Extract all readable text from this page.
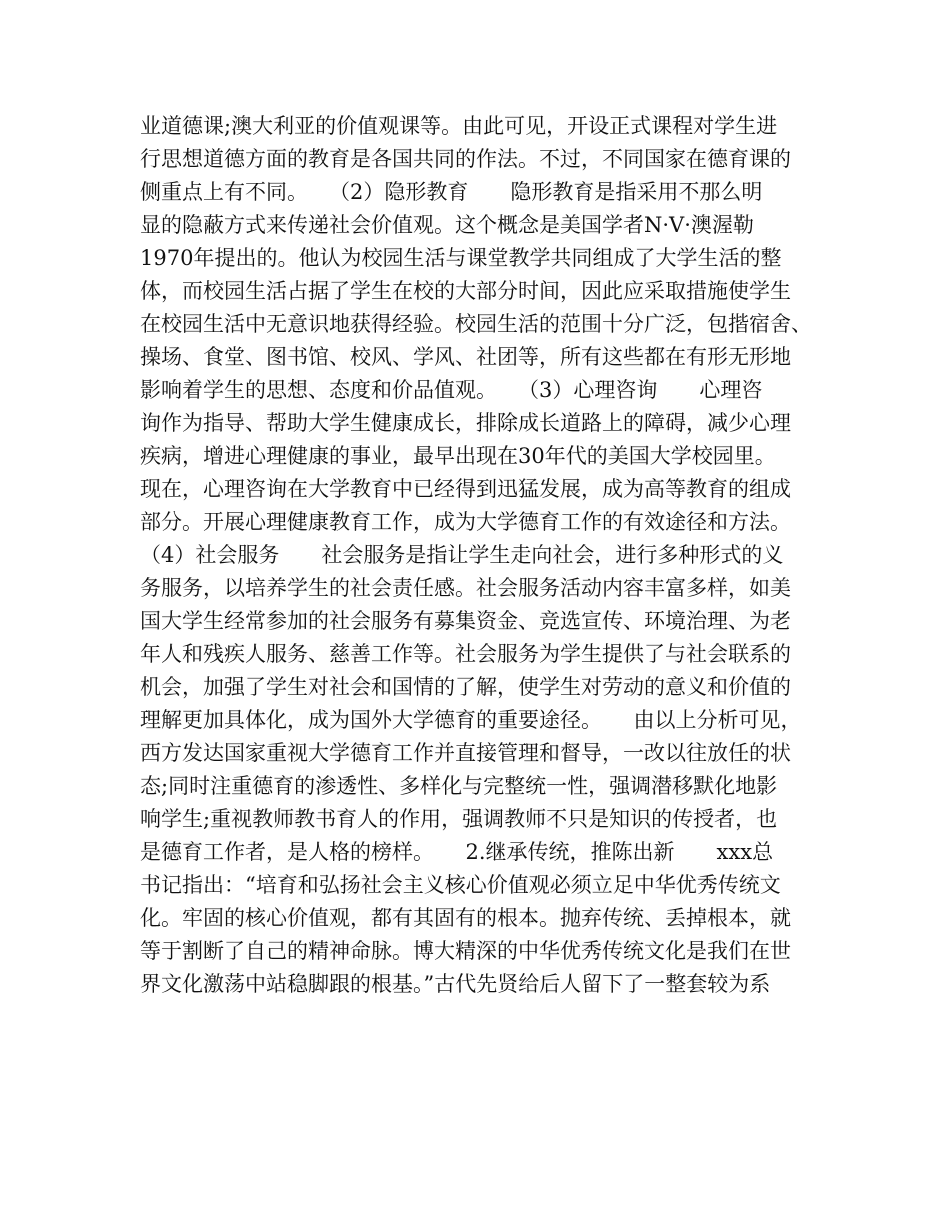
业道德课;澳大利亚的价值观课等。由此可见，开设正式课程对学生进
行思想道德方面的教育是各国共同的作法。不过，不同国家在德育课的
侧重点上有不同。　　（2）隐形教育　　隐形教育是指采用不那么明
显的隐蔽方式来传递社会价值观。这个概念是美国学者N·V·澳渥勒
1970年提出的。他认为校园生活与课堂教学共同组成了大学生活的整
体，而校园生活占据了学生在校的大部分时间，因此应采取措施使学生
在校园生活中无意识地获得经验。校园生活的范围十分广泛，包揩宿舍、
操场、食堂、图书馆、校风、学风、社团等，所有这些都在有形无形地
影响着学生的思想、态度和价品值观。　　（3）心理咨询　　心理咨
询作为指导、帮助大学生健康成长，排除成长道路上的障碍，减少心理
疾病，增进心理健康的事业，最早出现在30年代的美国大学校园里。
现在，心理咨询在大学教育中已经得到迅猛发展，成为高等教育的组成
部分。开展心理健康教育工作，成为大学德育工作的有效途径和方法。
（4）社会服务　　社会服务是指让学生走向社会，进行多种形式的义
务服务，以培养学生的社会责任感。社会服务活动内容丰富多样，如美
国大学生经常参加的社会服务有募集资金、竞选宣传、环境治理、为老
年人和残疾人服务、慈善工作等。社会服务为学生提供了与社会联系的
机会，加强了学生对社会和国情的了解，使学生对劳动的意义和价值的
理解更加具体化，成为国外大学德育的重要途径。　　由以上分析可见，
西方发达国家重视大学德育工作并直接管理和督导，一改以往放任的状
态;同时注重德育的渗透性、多样化与完整统一性，强调潜移默化地影
响学生;重视教师教书育人的作用，强调教师不只是知识的传授者，也
是德育工作者，是人格的榜样。　　2.继承传统，推陈出新　　xxx总
书记指出：“培育和弘扬社会主义核心价值观必须立足中华优秀传统文
化。牢固的核心价值观，都有其固有的根本。抛弃传统、丢掉根本，就
等于割断了自己的精神命脉。博大精深的中华优秀传统文化是我们在世
界文化激荡中站稳脚跟的根基。”古代先贤给后人留下了一整套较为系
